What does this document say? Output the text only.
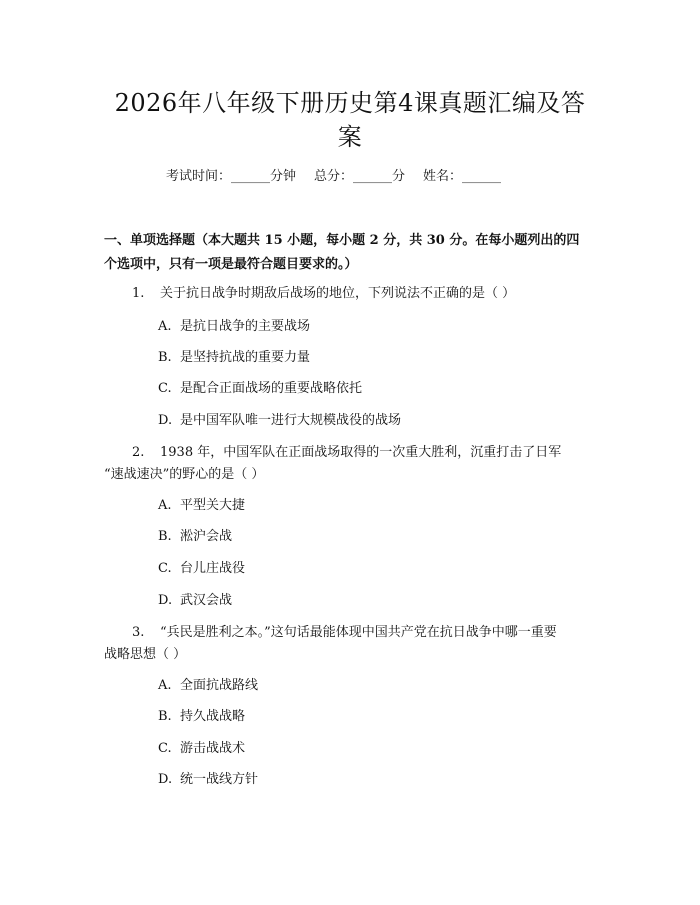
2026年八年级下册历史第4课真题汇编及答
案
考试时间：______分钟 总分：______分 姓名：______
一、单项选择题（本大题共 15 小题，每小题 2 分，共 30 分。在每小题列出的四
个选项中，只有一项是最符合题目要求的。）
1. 关于抗日战争时期敌后战场的地位，下列说法不正确的是（ ）
A. 是抗日战争的主要战场
B. 是坚持抗战的重要力量
C. 是配合正面战场的重要战略依托
D. 是中国军队唯一进行大规模战役的战场
2. 1938 年，中国军队在正面战场取得的一次重大胜利，沉重打击了日军
“速战速决”的野心的是（ ）
A. 平型关大捷
B. 淞沪会战
C. 台儿庄战役
D. 武汉会战
3. “兵民是胜利之本。”这句话最能体现中国共产党在抗日战争中哪一重要
战略思想（ ）
A. 全面抗战路线
B. 持久战战略
C. 游击战战术
D. 统一战线方针
